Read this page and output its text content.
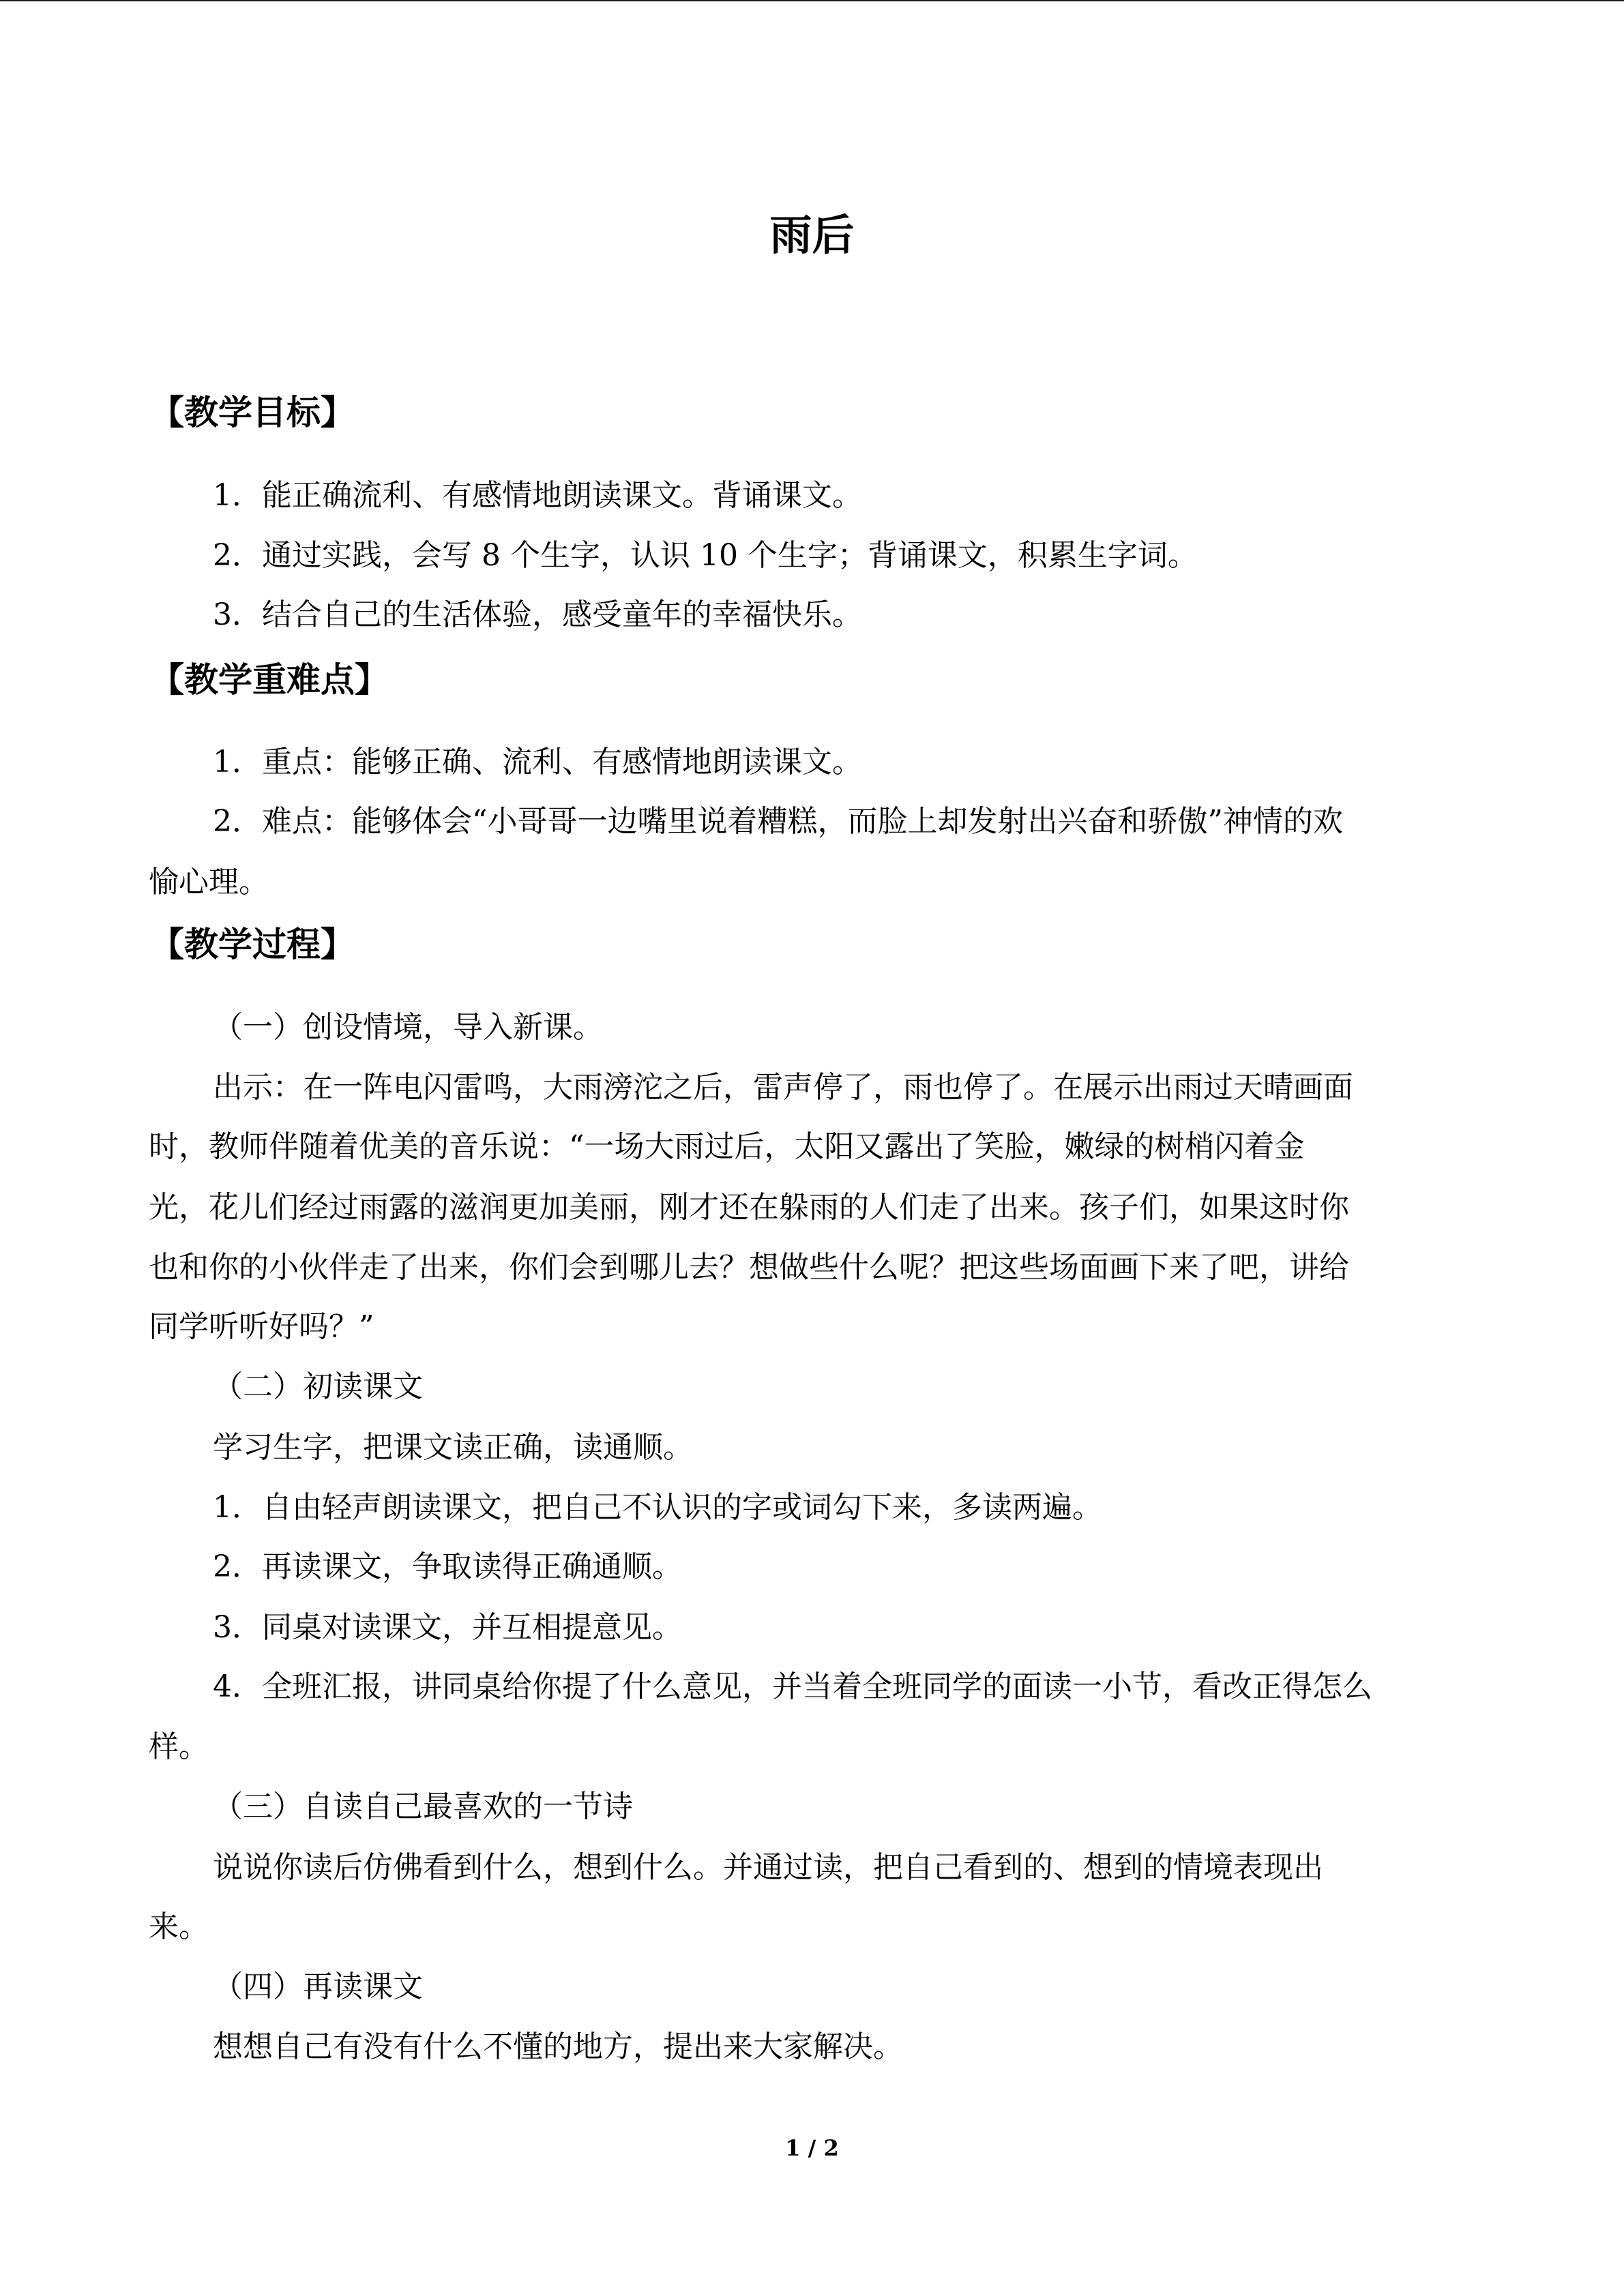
雨后
【教学目标】
1．能正确流利、有感情地朗读课文。背诵课文。
2．通过实践，会写 8 个生字，认识 10 个生字；背诵课文，积累生字词。
3．结合自己的生活体验，感受童年的幸福快乐。
【教学重难点】
1．重点：能够正确、流利、有感情地朗读课文。
2．难点：能够体会“小哥哥一边嘴里说着糟糕，而脸上却发射出兴奋和骄傲”神情的欢
愉心理。
【教学过程】
（一）创设情境，导入新课。
出示：在一阵电闪雷鸣，大雨滂沱之后，雷声停了，雨也停了。在展示出雨过天晴画面
时，教师伴随着优美的音乐说：“一场大雨过后，太阳又露出了笑脸，嫩绿的树梢闪着金
光，花儿们经过雨露的滋润更加美丽，刚才还在躲雨的人们走了出来。孩子们，如果这时你
也和你的小伙伴走了出来，你们会到哪儿去？想做些什么呢？把这些场面画下来了吧，讲给
同学听听好吗？”
（二）初读课文
学习生字，把课文读正确，读通顺。
1．自由轻声朗读课文，把自己不认识的字或词勾下来，多读两遍。
2．再读课文，争取读得正确通顺。
3．同桌对读课文，并互相提意见。
4．全班汇报，讲同桌给你提了什么意见，并当着全班同学的面读一小节，看改正得怎么
样。
（三）自读自己最喜欢的一节诗
说说你读后仿佛看到什么，想到什么。并通过读，把自己看到的、想到的情境表现出
来。
（四）再读课文
想想自己有没有什么不懂的地方，提出来大家解决。
1 / 2
